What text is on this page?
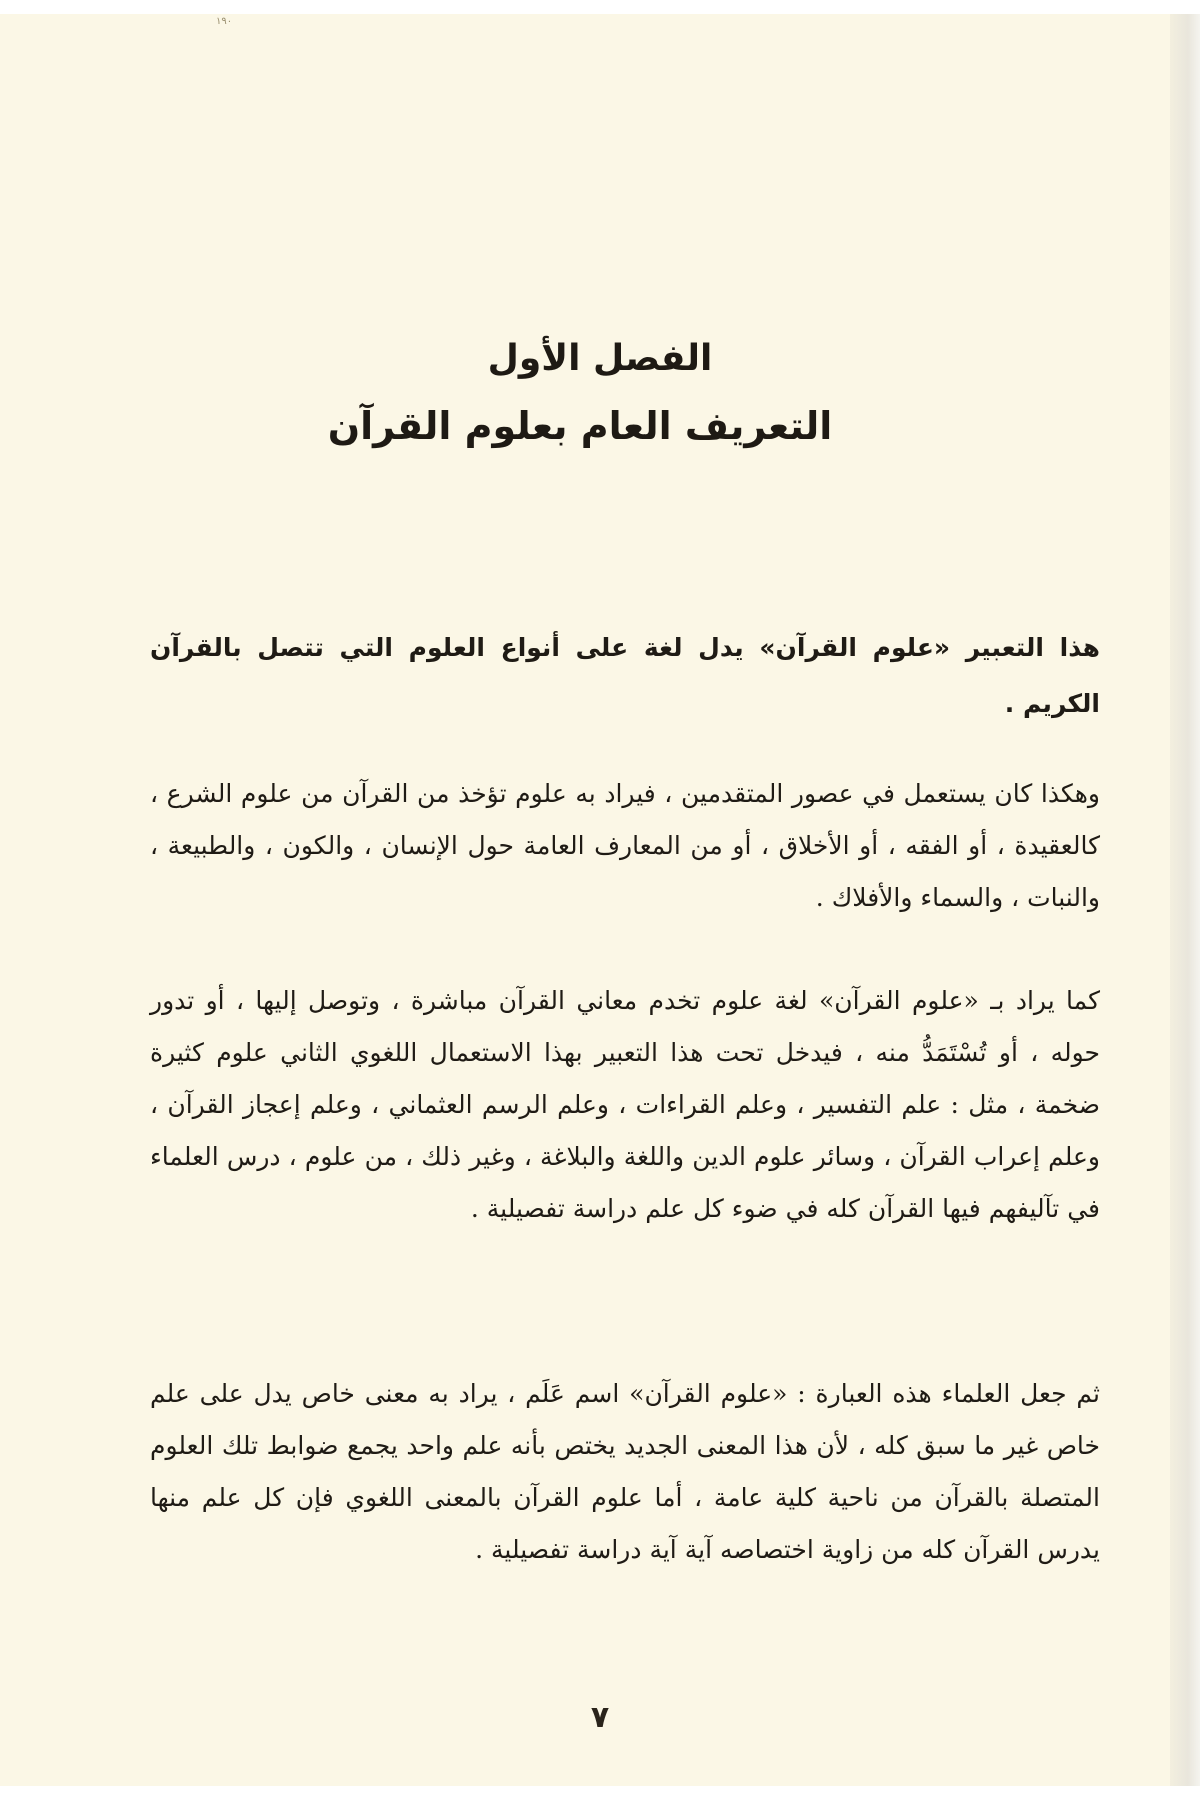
١٩٠
الفصل الأول
التعريف العام بعلوم القرآن

هذا التعبير «علوم القرآن» يدل لغة على أنواع العلوم التي تتصل بالقرآن الكريم .

وهكذا كان يستعمل في عصور المتقدمين ، فيراد به علوم تؤخذ من القرآن من علوم الشرع ، كالعقيدة ، أو الفقه ، أو الأخلاق ، أو من المعارف العامة حول الإنسان ، والكون ، والطبيعة ، والنبات ، والسماء والأفلاك .

كما يراد بـ «علوم القرآن» لغة علوم تخدم معاني القرآن مباشرة ، وتوصل إليها ، أو تدور حوله ، أو تُسْتَمَدُّ منه ، فيدخل تحت هذا التعبير بهذا الاستعمال اللغوي الثاني علوم كثيرة ضخمة ، مثل : علم التفسير ، وعلم القراءات ، وعلم الرسم العثماني ، وعلم إعجاز القرآن ، وعلم إعراب القرآن ، وسائر علوم الدين واللغة والبلاغة ، وغير ذلك ، من علوم ، درس العلماء في تآليفهم فيها القرآن كله في ضوء كل علم دراسة تفصيلية .

ثم جعل العلماء هذه العبارة : «علوم القرآن» اسم عَلَم ، يراد به معنى خاص يدل على علم خاص غير ما سبق كله ، لأن هذا المعنى الجديد يختص بأنه علم واحد يجمع ضوابط تلك العلوم المتصلة بالقرآن من ناحية كلية عامة ، أما علوم القرآن بالمعنى اللغوي فإن كل علم منها يدرس القرآن كله من زاوية اختصاصه آية آية دراسة تفصيلية .

٧
